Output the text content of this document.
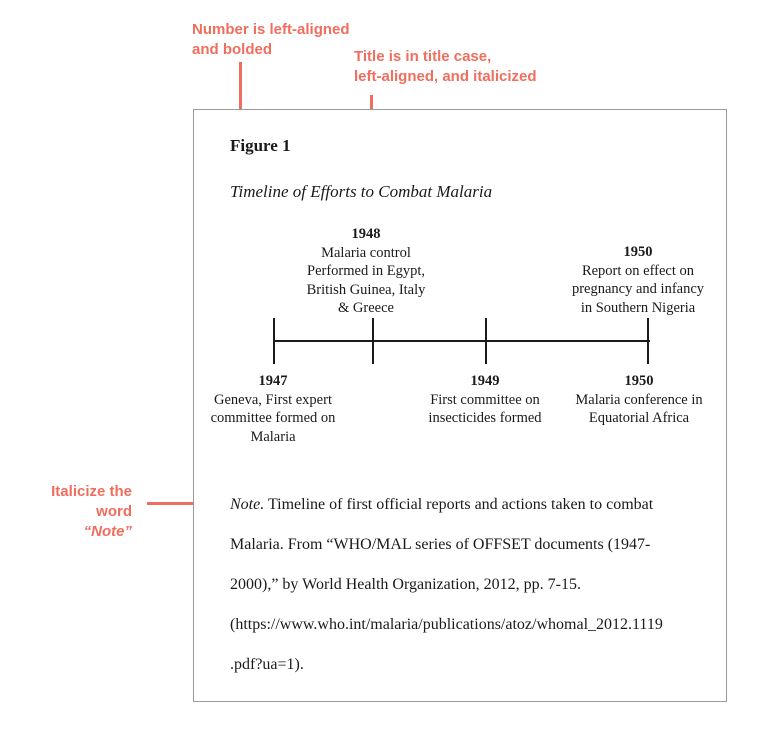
Number is left-aligned
and bolded	Title is in title case,
left-aligned, and italicized
Italicize the word
“Note”
Figure 1
Timeline of Efforts to Combat Malaria
1948
Malaria control
Performed in Egypt,
British Guinea, Italy
& Greece
1950
Report on effect on
pregnancy and infancy
in Southern Nigeria
1947
Geneva, First expert
committee formed on
Malaria
1949
First committee on
insecticides formed
1950
Malaria conference in
Equatorial Africa
Note. Timeline of first official reports and actions taken to combat
Malaria. From “WHO/MAL series of OFFSET documents (1947-
2000),” by World Health Organization, 2012, pp. 7-15.
(https://www.who.int/malaria/publications/atoz/whomal_2012.1119
.pdf?ua=1).
